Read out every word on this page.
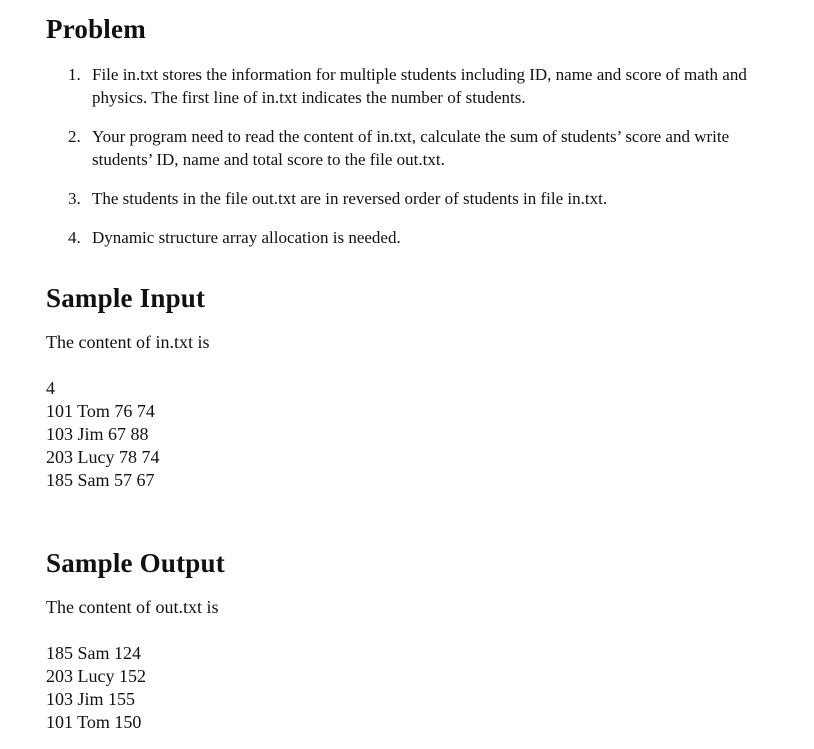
Problem
1. File in.txt stores the information for multiple students including ID, name and score of math and physics. The first line of in.txt indicates the number of students.
2. Your program need to read the content of in.txt, calculate the sum of students’ score and write students’ ID, name and total score to the file out.txt.
3. The students in the file out.txt are in reversed order of students in file in.txt.
4. Dynamic structure array allocation is needed.
Sample Input

The content of in.txt is

4
101 Tom 76 74
103 Jim 67 88
203 Lucy 78 74
185 Sam 57 67
Sample Output

The content of out.txt is

185 Sam 124
203 Lucy 152
103 Jim 155
101 Tom 150
